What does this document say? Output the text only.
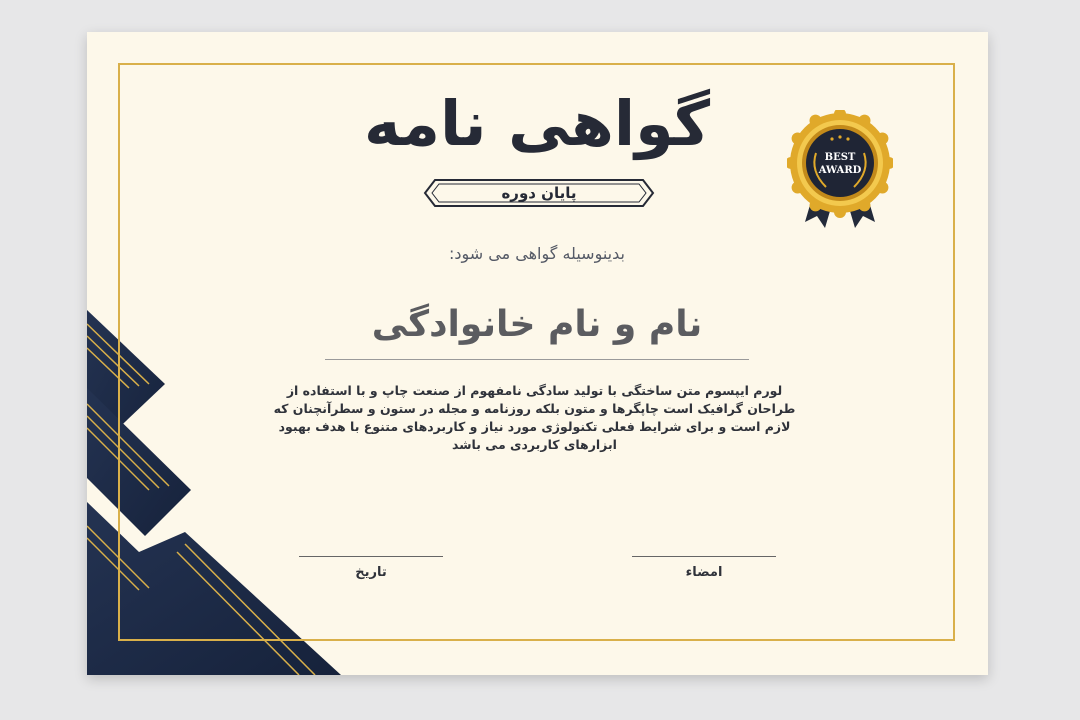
گواهی نامه
پایان دوره
بدینوسیله گواهی می شود:
نام و نام خانوادگی
لورم ایپسوم متن ساختگی با تولید سادگی نامفهوم از صنعت چاپ و با استفاده از طراحان گرافیک است چاپگرها و متون بلکه روزنامه و مجله در ستون و سطرآنچنان که لازم است و برای شرایط فعلی تکنولوژی مورد نیاز و کاربردهای متنوع با هدف بهبود ابزارهای کاربردی می باشد
تاریخ	امضاء
BEST
AWARD
